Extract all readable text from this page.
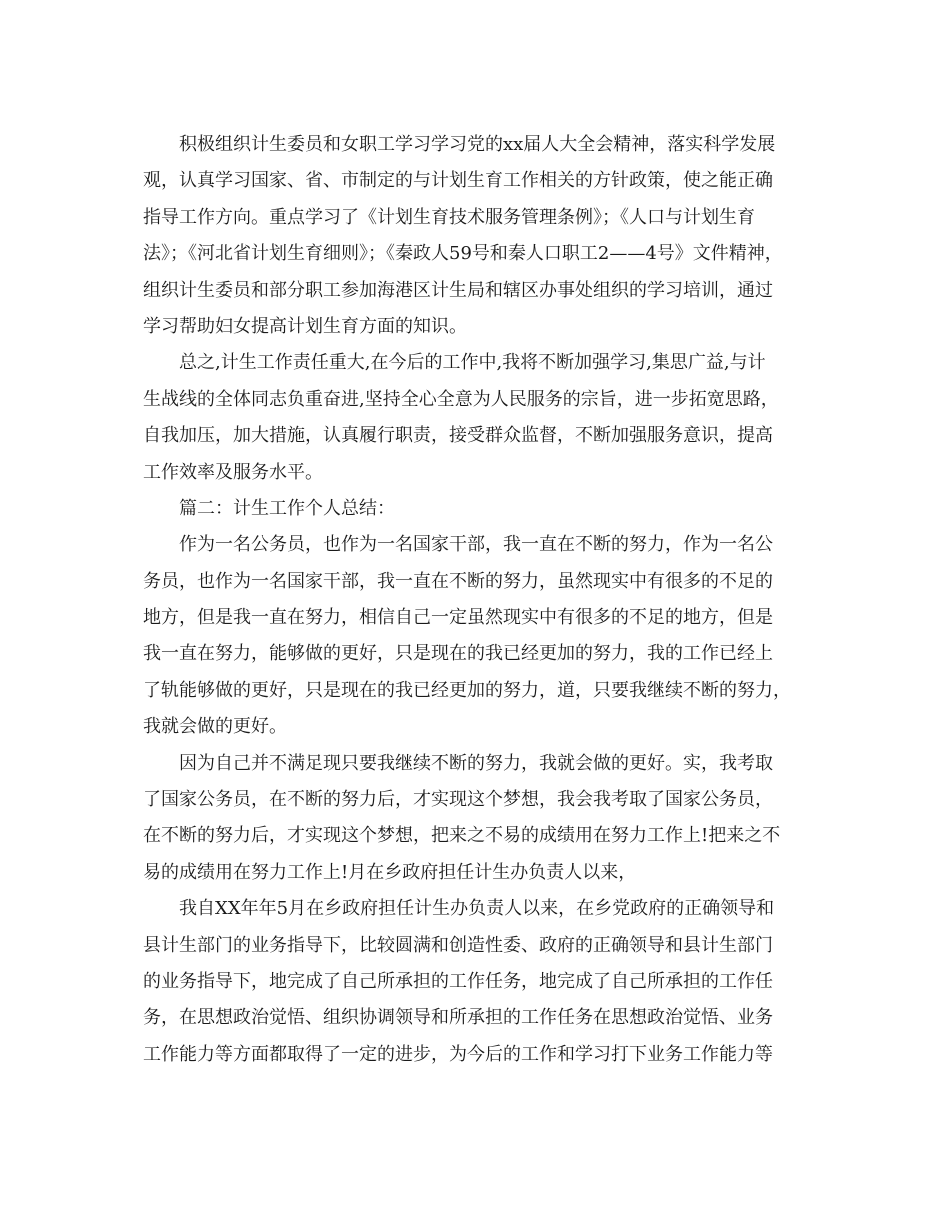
积极组织计生委员和女职工学习学习党的xx届人大全会精神，落实科学发展
观，认真学习国家、省、市制定的与计划生育工作相关的方针政策，使之能正确
指导工作方向。重点学习了《计划生育技术服务管理条例》；《人口与计划生育
法》；《河北省计划生育细则》；《秦政人59号和秦人口职工2——4号》文件精神，
组织计生委员和部分职工参加海港区计生局和辖区办事处组织的学习培训，通过
学习帮助妇女提高计划生育方面的知识。
总之,计生工作责任重大,在今后的工作中,我将不断加强学习,集思广益,与计
生战线的全体同志负重奋进,坚持全心全意为人民服务的宗旨，进一步拓宽思路，
自我加压，加大措施，认真履行职责，接受群众监督，不断加强服务意识，提高
工作效率及服务水平。
篇二：计生工作个人总结：
作为一名公务员，也作为一名国家干部，我一直在不断的努力，作为一名公
务员，也作为一名国家干部，我一直在不断的努力，虽然现实中有很多的不足的
地方，但是我一直在努力，相信自己一定虽然现实中有很多的不足的地方，但是
我一直在努力，能够做的更好，只是现在的我已经更加的努力，我的工作已经上
了轨能够做的更好，只是现在的我已经更加的努力，道，只要我继续不断的努力，
我就会做的更好。
因为自己并不满足现只要我继续不断的努力，我就会做的更好。实，我考取
了国家公务员，在不断的努力后，才实现这个梦想，我会我考取了国家公务员，
在不断的努力后，才实现这个梦想，把来之不易的成绩用在努力工作上!把来之不
易的成绩用在努力工作上!月在乡政府担任计生办负责人以来，
我自XX年年5月在乡政府担任计生办负责人以来，在乡党政府的正确领导和
县计生部门的业务指导下，比较圆满和创造性委、政府的正确领导和县计生部门
的业务指导下，地完成了自己所承担的工作任务，地完成了自己所承担的工作任
务，在思想政治觉悟、组织协调领导和所承担的工作任务在思想政治觉悟、业务
工作能力等方面都取得了一定的进步，为今后的工作和学习打下业务工作能力等
